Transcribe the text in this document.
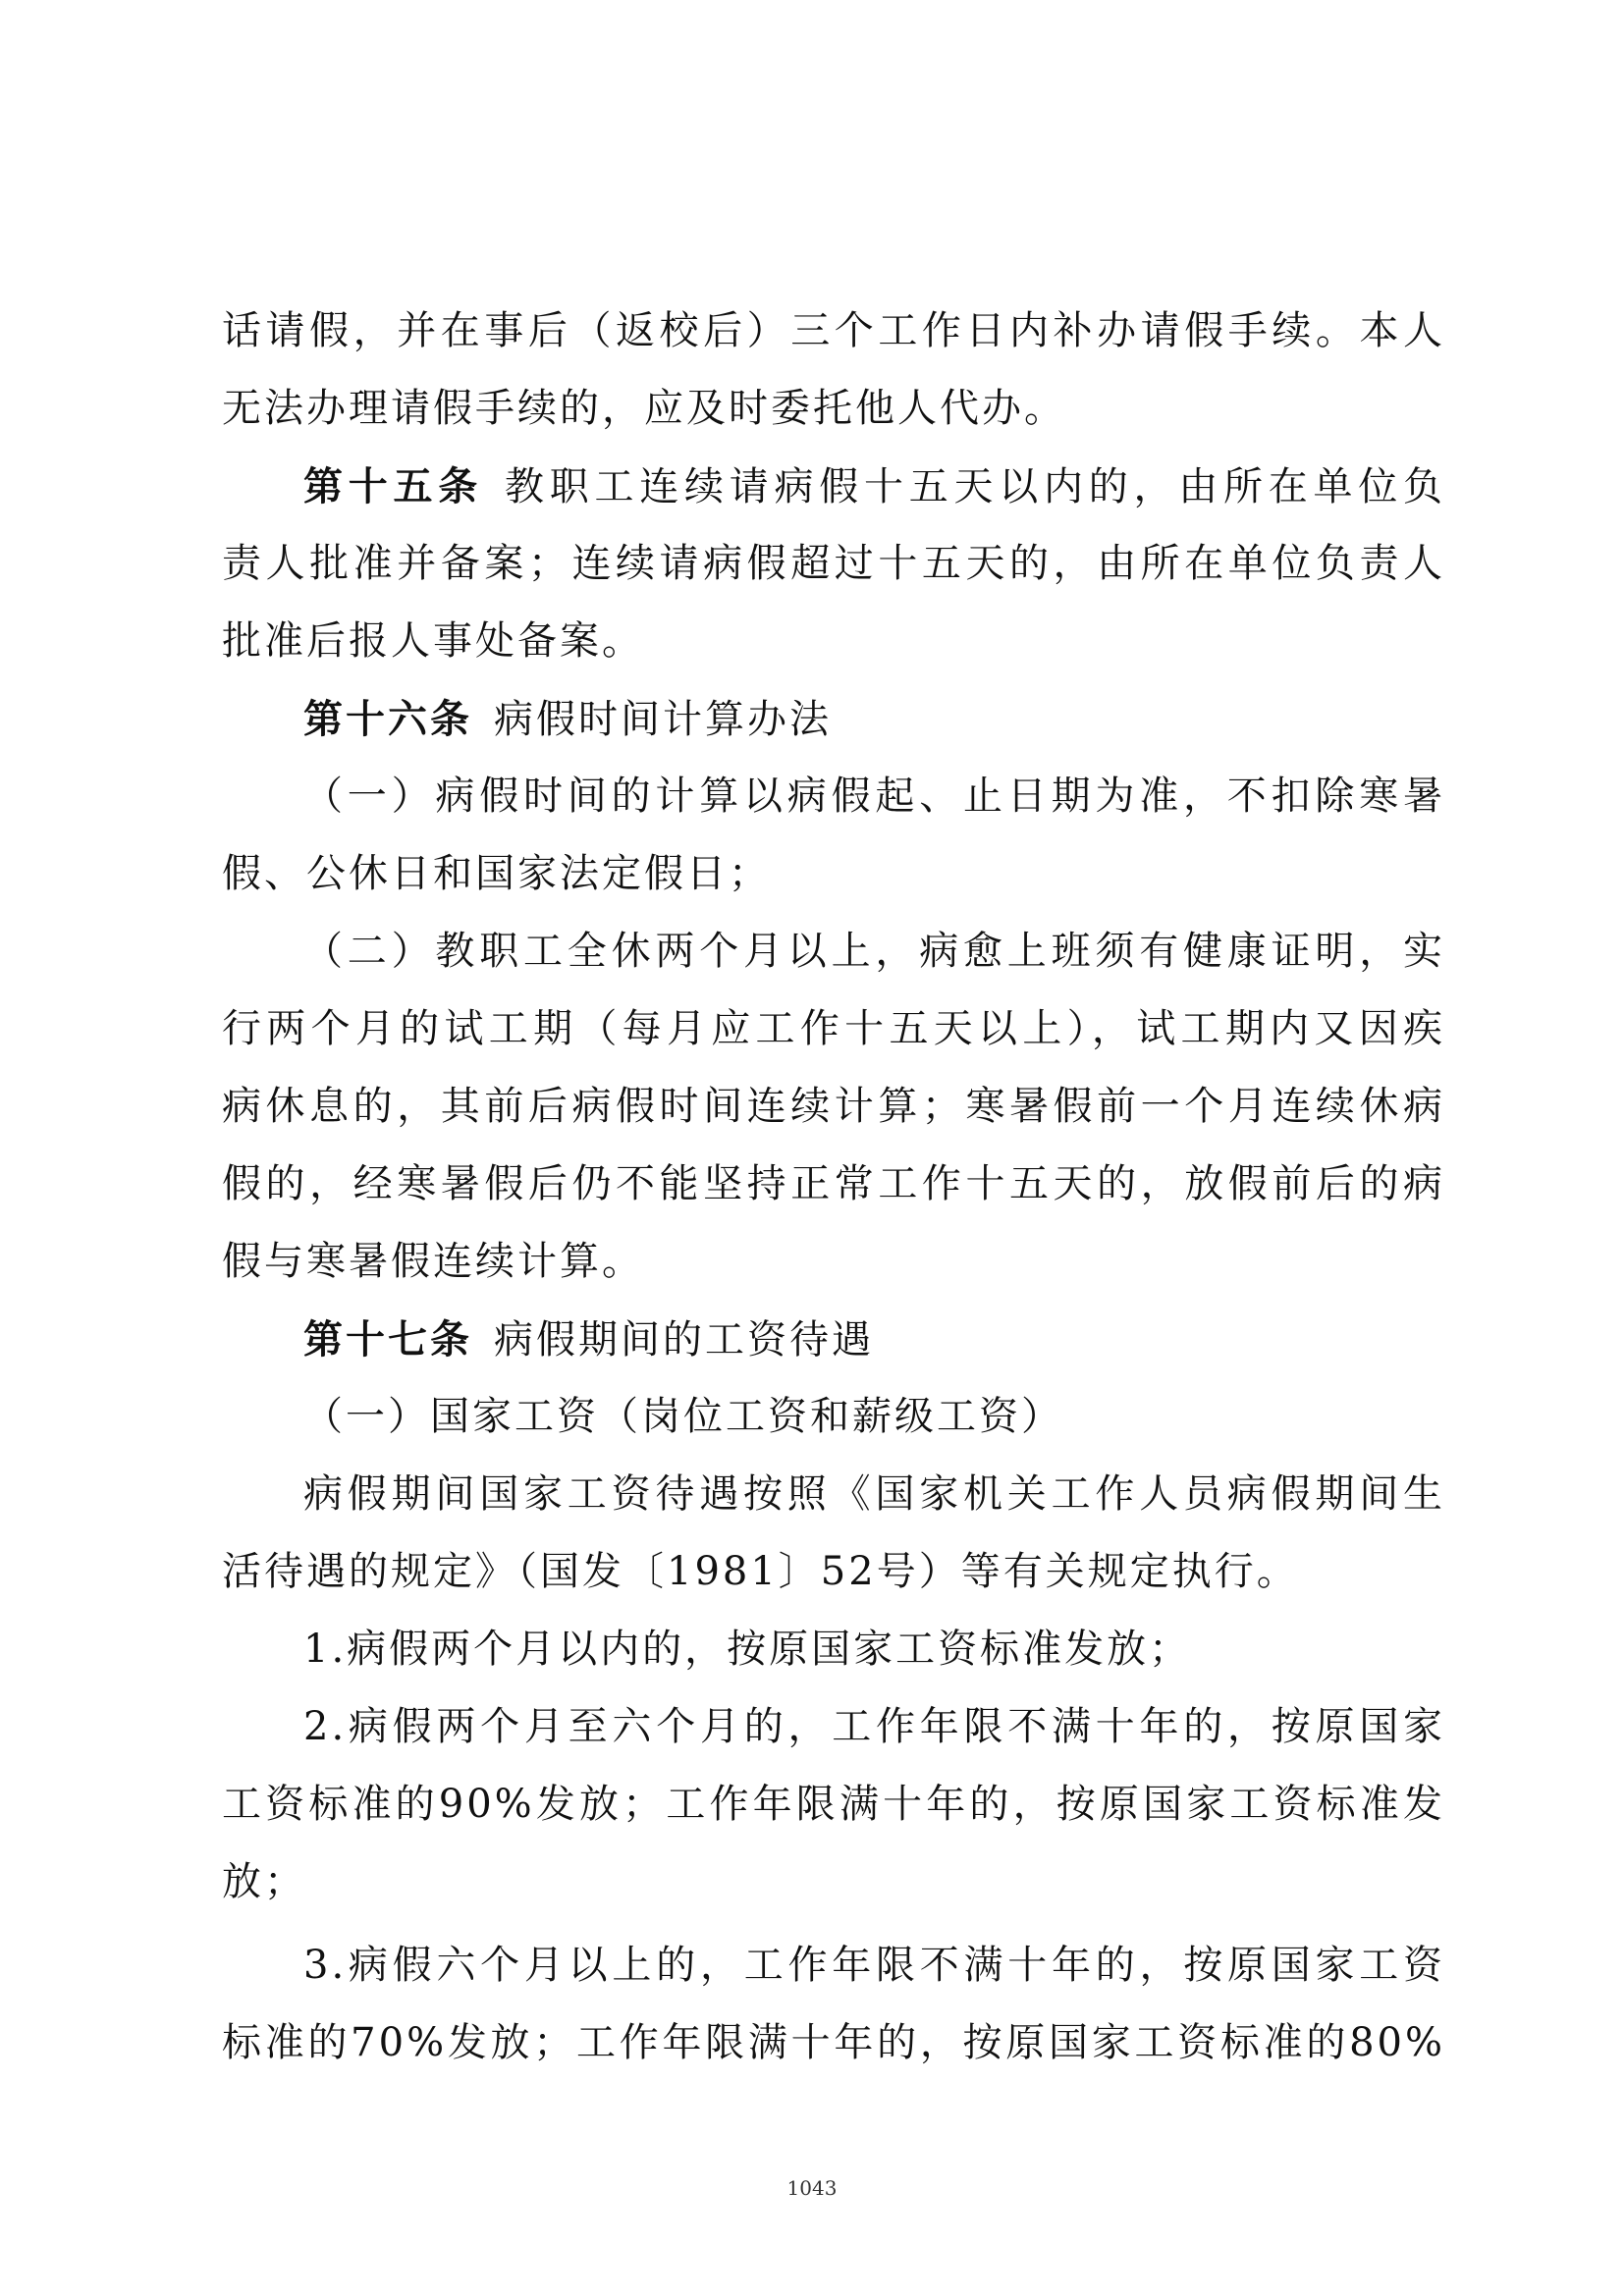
话请假，并在事后（返校后）三个工作日内补办请假手续。本人
无法办理请假手续的，应及时委托他人代办。
第十五条 教职工连续请病假十五天以内的，由所在单位负
责人批准并备案；连续请病假超过十五天的，由所在单位负责人
批准后报人事处备案。
第十六条 病假时间计算办法
（一）病假时间的计算以病假起、止日期为准，不扣除寒暑
假、公休日和国家法定假日；
（二）教职工全休两个月以上，病愈上班须有健康证明，实
行两个月的试工期（每月应工作十五天以上），试工期内又因疾
病休息的，其前后病假时间连续计算；寒暑假前一个月连续休病
假的，经寒暑假后仍不能坚持正常工作十五天的，放假前后的病
假与寒暑假连续计算。
第十七条 病假期间的工资待遇
（一）国家工资（岗位工资和薪级工资）
病假期间国家工资待遇按照《国家机关工作人员病假期间生
活待遇的规定》（国发〔1981〕52号）等有关规定执行。
1.病假两个月以内的，按原国家工资标准发放；
2.病假两个月至六个月的，工作年限不满十年的，按原国家
工资标准的90%发放；工作年限满十年的，按原国家工资标准发
放；
3.病假六个月以上的，工作年限不满十年的，按原国家工资
标准的70%发放；工作年限满十年的，按原国家工资标准的80%
1043
